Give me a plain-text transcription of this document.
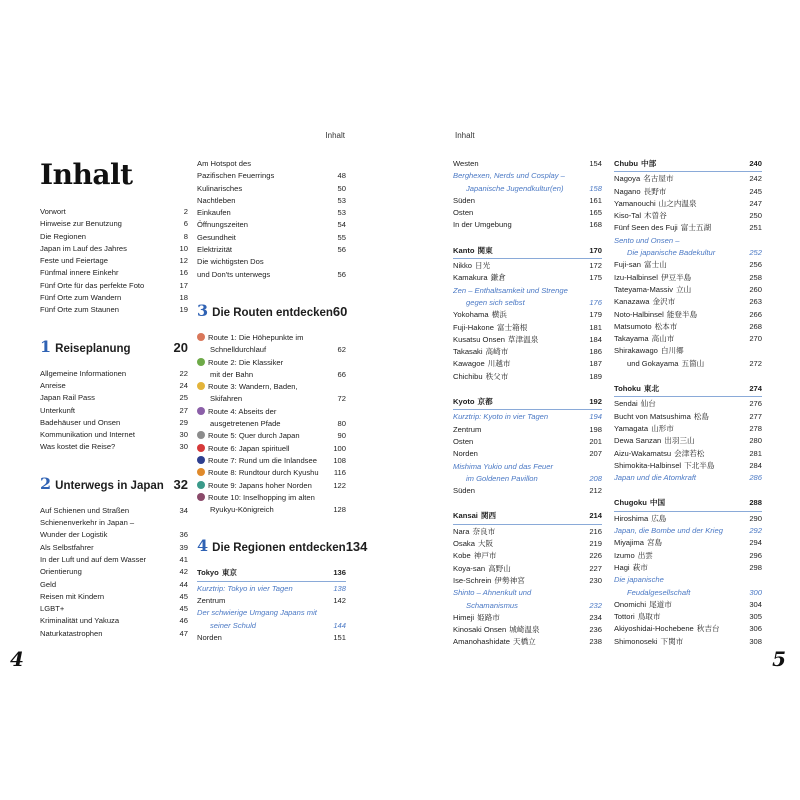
Inhalt
Inhalt
Vorwort	2
Hinweise zur Benutzung	6
Die Regionen	8
Japan im Lauf des Jahres	10
Feste und Feiertage	12
Fünfmal innere Einkehr	16
Fünf Orte für das perfekte Foto	17
Fünf Orte zum Wandern	18
Fünf Orte zum Staunen	19
1 Reiseplanung	20
Allgemeine Informationen	22
Anreise	24
Japan Rail Pass	25
Unterkunft	27
Badehäuser und Onsen	29
Kommunikation und Internet	30
Was kostet die Reise?	30
2 Unterwegs in Japan 32
Auf Schienen und Straßen	34
Schienenverkehr in Japan –
Wunder der Logistik	36
Als Selbstfahrer	39
In der Luft und auf dem Wasser	41
Orientierung	42
Geld	44
Reisen mit Kindern	45
LGBT+	45
Kriminalität und Yakuza	46
Naturkatastrophen	47
Am Hotspot des
Pazifischen Feuerrings	48
Kulinarisches	50
Nachtleben	53
Einkaufen	53
Öffnungszeiten	54
Gesundheit	55
Elektrizität	56
Die wichtigsten Dos
und Don'ts unterwegs	56
3 Die Routen entdecken 60
Route 1: Die Höhepunkte im
Schnelldurchlauf	62
Route 2: Die Klassiker
mit der Bahn	66
Route 3: Wandern, Baden,
Skifahren	72
Route 4: Abseits der
ausgetretenen Pfade	80
Route 5: Quer durch Japan	90
Route 6: Japan spirituell	100
Route 7: Rund um die Inlandsee	108
Route 8: Rundtour durch Kyushu	116
Route 9: Japans hoher Norden	122
Route 10: Inselhopping im alten
Ryukyu-Königreich	128
4 Die Regionen entdecken 134
Tokyo 東京	136
Kurztrip: Tokyo in vier Tagen	138
Zentrum	142
Der schwierige Umgang Japans mit
seiner Schuld	144
Norden	151
4
Inhalt
Westen	154
Berghexen, Nerds und Cosplay –
Japanische Jugendkultur(en)	158
Süden	161
Osten	165
In der Umgebung	168
Kanto 関東	170
Nikko 日光	172
Kamakura 鎌倉	175
Zen – Enthaltsamkeit und Strenge
gegen sich selbst	176
Yokohama 横浜	179
Fuji-Hakone 富士箱根	181
Kusatsu Onsen 草津温泉	184
Takasaki 高崎市	186
Kawagoe 川越市	187
Chichibu 秩父市	189
Kyoto 京都	192
Kurztrip: Kyoto in vier Tagen	194
Zentrum	198
Osten	201
Norden	207
Mishima Yukio und das Feuer
im Goldenen Pavillon	208
Süden	212
Kansai 関西	214
Nara 奈良市	216
Osaka 大阪	219
Kobe 神戸市	226
Koya-san 高野山	227
Ise-Schrein 伊勢神宮	230
Shinto – Ahnenkult und
Schamanismus	232
Himeji 姫路市	234
Kinosaki Onsen 城崎温泉	236
Amanohashidate 天橋立	238
Chubu 中部	240
Nagoya 名古屋市	242
Nagano 長野市	245
Yamanouchi 山之内温泉	247
Kiso-Tal 木曽谷	250
Fünf Seen des Fuji 富士五湖	251
Sento und Onsen –
Die japanische Badekultur	252
Fuji-san 富士山	256
Izu-Halbinsel 伊豆半島	258
Tateyama-Massiv 立山	260
Kanazawa 金沢市	263
Noto-Halbinsel 能登半島	266
Matsumoto 松本市	268
Takayama 高山市	270
Shirakawago 白川郷
und Gokayama 五箇山	272
Tohoku 東北	274
Sendai 仙台	276
Bucht von Matsushima 松島	277
Yamagata 山形市	278
Dewa Sanzan 出羽三山	280
Aizu-Wakamatsu 会津若松	281
Shimokita-Halbinsel 下北半島	284
Japan und die Atomkraft	286
Chugoku 中国	288
Hiroshima 広島	290
Japan, die Bombe und der Krieg	292
Miyajima 宮島	294
Izumo 出雲	296
Hagi 萩市	298
Die japanische
Feudalgesellschaft	300
Onomichi 尾道市	304
Tottori 鳥取市	305
Akiyoshidai-Hochebene 秋吉台	306
Shimonoseki 下関市	308
5
